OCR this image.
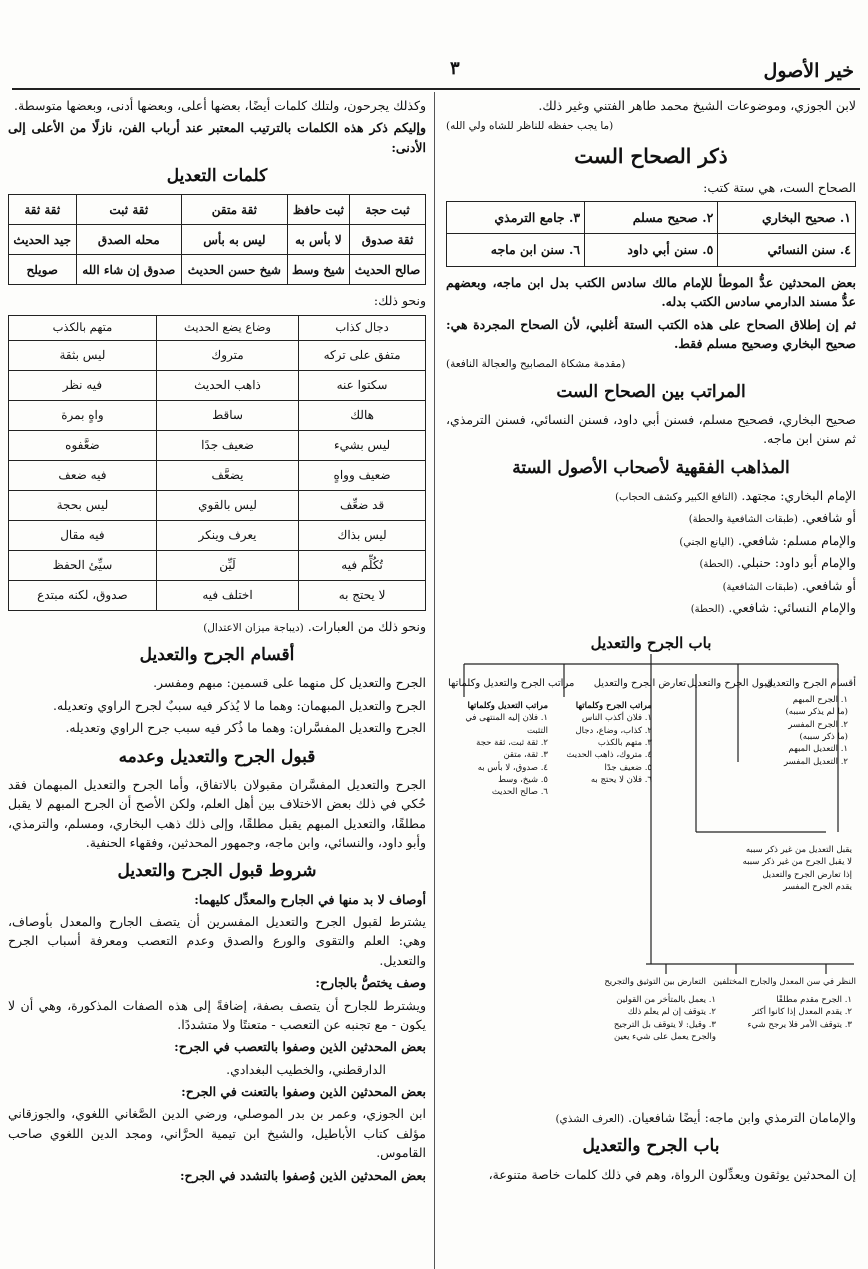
خير الأصول
٣

لابن الجوزي، وموضوعات الشيخ محمد طاهر الفتني وغير ذلك.

(ما يجب حفظه للناظر للشاه ولي الله)
ذكر الصحاح الست

الصحاح الست، هي ستة كتب:

١. صحيح البخاري	٢. صحيح مسلم	٣. جامع الترمذي
٤. سنن النسائي	٥. سنن أبي داود	٦. سنن ابن ماجه

بعض المحدثين عدُّ الموطأ للإمام مالك سادس الكتب بدل ابن ماجه، وبعضهم عدُّ مسند الدارمي سادس الكتب بدله.

ثم إن إطلاق الصحاح على هذه الكتب الستة أغلبي، لأن الصحاح المجردة هي: صحيح البخاري وصحيح مسلم فقط.

(مقدمة مشكاة المصابيح والعجالة النافعة)
المراتب بين الصحاح الست

صحيح البخاري، فصحيح مسلم، فسنن أبي داود، فسنن النسائي، فسنن الترمذي، ثم سنن ابن ماجه.

المذاهب الفقهية لأصحاب الأصول الستة

الإمام البخاري: مجتهد. (النافع الكبير وكشف الحجاب)

أو شافعي. (طبقات الشافعية والحطة)

والإمام مسلم: شافعي. (اليانع الجني)

والإمام أبو داود: حنبلي. (الحطة)

أو شافعي. (طبقات الشافعية)

والإمام النسائي: شافعي. (الحطة)

باب الجرح والتعديل
أقسام الجرح والتعديل
قبول الجرح والتعديل
تعارض الجرح والتعديل
مراتب الجرح والتعديل وكلماتها
١. الجرح المبهم
(ما لم يذكر سببه)
٢. الجرح المفسر
(ما ذكر سببه)
١. التعديل المبهم
٢. التعديل المفسر
مراتب الجرح وكلماتها
١. فلان أكذب الناس
٢. كذاب، وضاع، دجال
٣. متهم بالكذب
٤. متروك، ذاهب الحديث
٥. ضعيف جدًا
٦. فلان لا يحتج به
مراتب التعديل وكلماتها
١. فلان إليه المنتهى في التثبت
٢. ثقة ثبت، ثقة حجة
٣. ثقة، متقن
٤. صدوق، لا بأس به
٥. شيخ، وسط
٦. صالح الحديث
يقبل التعديل من غير ذكر سببه
لا يقبل الجرح من غير ذكر سببه
إذا تعارض الجرح والتعديل
يقدم الجرح المفسر
النظر في سن المعدل والجارح المختلفين
التعارض بين التوثيق والتجريح
١. الجرح مقدم مطلقًا
٢. يقدم المعدل إذا كانوا أكثر
٣. يتوقف الأمر فلا يرجح شيء
١. يعمل بالمتأخر من القولين
٢. يتوقف إن لم يعلم ذلك
٣. وقيل: لا يتوقف بل الترجيح
والجرح يعمل على شيء يعين

والإمامان الترمذي وابن ماجه: أيضًا شافعيان. (العرف الشذي)

باب الجرح والتعديل

إن المحدثين يوثقون ويعدِّلون الرواة، وهم في ذلك كلمات خاصة متنوعة،

وكذلك يجرحون، ولتلك كلمات أيضًا، بعضها أعلى، وبعضها أدنى، وبعضها متوسطة.

وإليكم ذكر هذه الكلمات بالترتيب المعتبر عند أرباب الفن، نازلًا من الأعلى إلى الأدنى:

كلمات التعديل
ثبت حجة	ثبت حافظ	ثقة متقن	ثقة ثبت	ثقة ثقة
ثقة صدوق	لا بأس به	ليس به بأس	محله الصدق	جيد الحديث
صالح الحديث	شيخ وسط	شيخ حسن الحديث	صدوق إن شاء الله	صويلح

ونحو ذلك:

دجال كذاب	وضاع يضع الحديث	متهم بالكذب
متفق على تركه	متروك	ليس بثقة
سكتوا عنه	ذاهب الحديث	فيه نظر
هالك	ساقط	واهٍ بمرة
ليس بشيء	ضعيف جدًا	ضعَّفوه
ضعيف وواهٍ	يضعَّف	فيه ضعف
قد ضعِّف	ليس بالقوي	ليس بحجة
ليس بذاك	يعرف وينكر	فيه مقال
تُكُلِّم فيه	لَيِّن	سيِّئ الحفظ
لا يحتج به	اختلف فيه	صدوق، لكنه مبتدع

ونحو ذلك من العبارات. (ديباجة ميزان الاعتدال)

أقسام الجرح والتعديل

الجرح والتعديل كل منهما على قسمين: مبهم ومفسر.

الجرح والتعديل المبهمان: وهما ما لا يُذكر فيه سببٌ لجرح الراوي وتعديله.

الجرح والتعديل المفسَّران: وهما ما ذُكر فيه سبب جرح الراوي وتعديله.

قبول الجرح والتعديل وعدمه

الجرح والتعديل المفسَّران مقبولان بالاتفاق، وأما الجرح والتعديل المبهمان فقد حُكي في ذلك بعض الاختلاف بين أهل العلم، ولكن الأصح أن الجرح المبهم لا يقبل مطلقًا، والتعديل المبهم يقبل مطلقًا، وإلى ذلك ذهب البخاري، ومسلم، والترمذي، وأبو داود، والنسائي، وابن ماجه، وجمهور المحدثين، وفقهاء الحنفية.

شروط قبول الجرح والتعديل

أوصاف لا بد منها في الجارح والمعدِّل كليهما:

يشترط لقبول الجرح والتعديل المفسرين أن يتصف الجارح والمعدل بأوصاف، وهي: العلم والتقوى والورع والصدق وعدم التعصب ومعرفة أسباب الجرح والتعديل.

وصف يختصُّ بالجارح:

ويشترط للجارح أن يتصف بصفة، إضافةً إلى هذه الصفات المذكورة، وهي أن لا يكون - مع تجنبه عن التعصب - متعنتًا ولا متشددًا.

بعض المحدثين الذين وصفوا بالتعصب في الجرح:

الدارقطني، والخطيب البغدادي.

بعض المحدثين الذين وصفوا بالتعنت في الجرح:

ابن الجوزي، وعمر بن بدر الموصلي، ورضي الدين الصَّغاني اللغوي، والجوزقاني مؤلف كتاب الأباطيل، والشيخ ابن تيمية الحرَّاني، ومجد الدين اللغوي صاحب القاموس.

بعض المحدثين الذين وُصفوا بالتشدد في الجرح:
